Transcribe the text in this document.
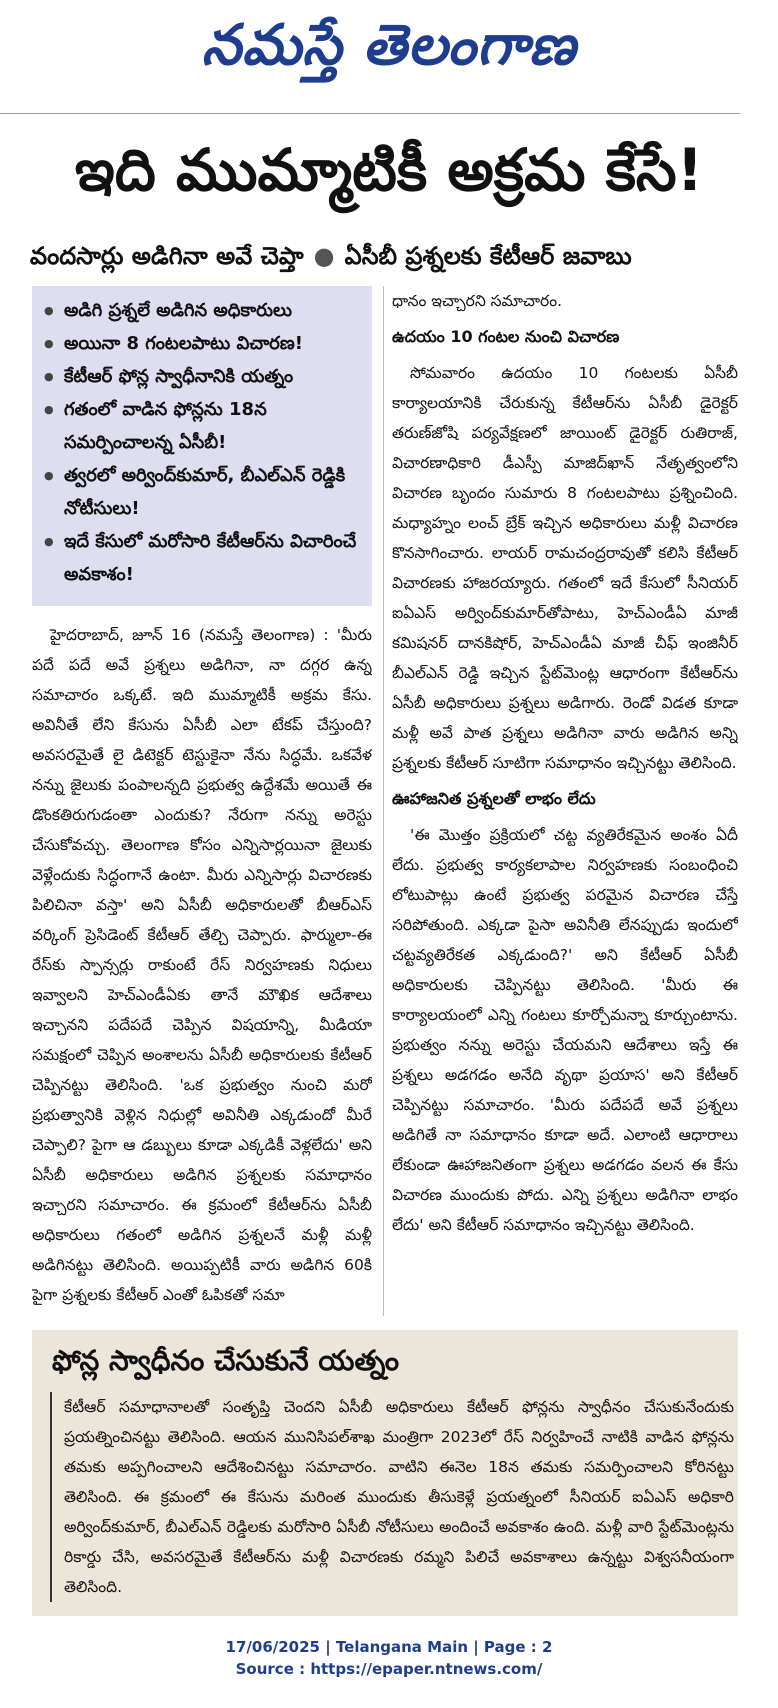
నమస్తే తెలంగాణ
ఇది ముమ్మాటికీ అక్రమ కేసే!
వందసార్లు అడిగినా అవే చెప్తా ● ఏసీబీ ప్రశ్నలకు కేటీఆర్ జవాబు
● అడిగి ప్రశ్నలే అడిగిన అధికారులు
● అయినా 8 గంటలపాటు విచారణ!
● కేటీఆర్ ఫోన్ల స్వాధీనానికి యత్నం
● గతంలో వాడిన ఫోన్లను 18న సమర్పించాలన్న ఏసీబీ!
● త్వరలో అర్వింద్‌కుమార్, బీఎల్ఎన్ రెడ్డికి నోటీసులు!
● ఇదే కేసులో మరోసారి కేటీఆర్‌ను విచారించే అవకాశం!

హైదరాబాద్, జూన్ 16 (నమస్తే తెలంగాణ) : 'మీరు పదే పదే అవే ప్రశ్నలు అడిగినా, నా దగ్గర ఉన్న సమాచారం ఒక్కటే. ఇది ముమ్మాటికీ అక్రమ కేసు. అవినీతే లేని కేసును ఏసీబీ ఎలా టేకప్ చేస్తుంది? అవసరమైతే లై డిటెక్టర్ టెస్టుకైనా నేను సిద్ధమే. ఒకవేళ నన్ను జైలుకు పంపాలన్నది ప్రభుత్వ ఉద్దేశమే అయితే ఈ డొంకతిరుగుడంతా ఎందుకు? నేరుగా నన్ను అరెస్టు చేసుకోవచ్చు. తెలంగాణ కోసం ఎన్నిసార్లయినా జైలుకు వెళ్లేందుకు సిద్ధంగానే ఉంటా. మీరు ఎన్నిసార్లు విచారణకు పిలిచినా వస్తా' అని ఏసీబీ అధికారులతో బీఆర్ఎస్ వర్కింగ్ ప్రెసిడెంట్ కేటీఆర్ తేల్చి చెప్పారు. ఫార్ములా-ఈ రేస్‌కు స్పాన్సర్లు రాకుంటే రేస్ నిర్వహణకు నిధులు ఇవ్వాలని హెచ్ఎండీఏకు తానే మౌఖిక ఆదేశాలు ఇచ్చానని పదేపదే చెప్పిన విషయాన్ని, మీడియా సమక్షంలో చెప్పిన అంశాలను ఏసీబీ అధికారులకు కేటీఆర్ చెప్పినట్టు తెలిసింది. 'ఒక ప్రభుత్వం నుంచి మరో ప్రభుత్వానికి వెళ్లిన నిధుల్లో అవినీతి ఎక్కడుందో మీరే చెప్పాలి? పైగా ఆ డబ్బులు కూడా ఎక్కడికీ వెళ్లలేదు' అని ఏసీబీ అధికారులు అడిగిన ప్రశ్నలకు సమాధానం ఇచ్చారని సమాచారం. ఈ క్రమంలో కేటీఆర్‌ను ఏసీబీ అధికారులు గతంలో అడిగిన ప్రశ్నలనే మళ్లీ మళ్లీ అడిగినట్టు తెలిసింది. అయిప్పటికీ వారు అడిగిన 60కి పైగా ప్రశ్నలకు కేటీఆర్ ఎంతో ఓపికతో సమా

ధానం ఇచ్చారని సమాచారం.

ఉదయం 10 గంటల నుంచి విచారణ

సోమవారం ఉదయం 10 గంటలకు ఏసీబీ కార్యాలయానికి చేరుకున్న కేటీఆర్‌ను ఏసీబీ డైరెక్టర్ తరుణ్‌జోషి పర్యవేక్షణలో జాయింట్ డైరెక్టర్ రుతిరాజ్, విచారణాధికారి డీఎస్పీ మాజిద్‌ఖాన్ నేతృత్వంలోని విచారణ బృందం సుమారు 8 గంటలపాటు ప్రశ్నించింది. మధ్యాహ్నం లంచ్ బ్రేక్ ఇచ్చిన అధికారులు మళ్లీ విచారణ కొనసాగించారు. లాయర్ రామచంద్రరావుతో కలిసి కేటీఆర్ విచారణకు హాజరయ్యారు. గతంలో ఇదే కేసులో సీనియర్ ఐఏఎస్ అర్వింద్‌కుమార్‌తోపాటు, హెచ్ఎండీఏ మాజీ కమిషనర్ దానకిషోర్, హెచ్ఎండీఏ మాజీ చీఫ్ ఇంజినీర్ బీఎల్ఎన్ రెడ్డి ఇచ్చిన స్టేట్‌మెంట్ల ఆధారంగా కేటీఆర్‌ను ఏసీబీ అధికారులు ప్రశ్నలు అడిగారు. రెండో విడత కూడా మళ్లీ అవే పాత ప్రశ్నలు అడిగినా వారు అడిగిన అన్ని ప్రశ్నలకు కేటీఆర్ సూటిగా సమాధానం ఇచ్చినట్టు తెలిసింది.

ఊహాజనిత ప్రశ్నలతో లాభం లేదు

'ఈ మొత్తం ప్రక్రియలో చట్ట వ్యతిరేకమైన అంశం ఏదీ లేదు. ప్రభుత్వ కార్యకలాపాల నిర్వహణకు సంబంధించి లోటుపాట్లు ఉంటే ప్రభుత్వ పరమైన విచారణ చేస్తే సరిపోతుంది. ఎక్కడా పైసా అవినీతి లేనప్పుడు ఇందులో చట్టవ్యతిరేకత ఎక్కడుంది?' అని కేటీఆర్ ఏసీబీ అధికారులకు చెప్పినట్టు తెలిసింది. 'మీరు ఈ కార్యాలయంలో ఎన్ని గంటలు కూర్చోమన్నా కూర్చుంటాను. ప్రభుత్వం నన్ను అరెస్టు చేయమని ఆదేశాలు ఇస్తే ఈ ప్రశ్నలు అడగడం అనేది వృథా ప్రయాస' అని కేటీఆర్ చెప్పినట్టు సమాచారం. 'మీరు పదేపదే అవే ప్రశ్నలు అడిగితే నా సమాధానం కూడా అదే. ఎలాంటి ఆధారాలు లేకుండా ఊహాజనితంగా ప్రశ్నలు అడగడం వలన ఈ కేసు విచారణ ముందుకు పోదు. ఎన్ని ప్రశ్నలు అడిగినా లాభం లేదు' అని కేటీఆర్ సమాధానం ఇచ్చినట్టు తెలిసింది.

ఫోన్ల స్వాధీనం చేసుకునే యత్నం

కేటీఆర్ సమాధానాలతో సంతృప్తి చెందని ఏసీబీ అధికారులు కేటీఆర్ ఫోన్లను స్వాధీనం చేసుకునేందుకు ప్రయత్నించినట్టు తెలిసింది. ఆయన మునిసిపల్‌శాఖ మంత్రిగా 2023లో రేస్ నిర్వహించే నాటికి వాడిన ఫోన్లను తమకు అప్పగించాలని ఆదేశించినట్టు సమాచారం. వాటిని ఈనెల 18న తమకు సమర్పించాలని కోరినట్టు తెలిసింది. ఈ క్రమంలో ఈ కేసును మరింత ముందుకు తీసుకెళ్లే ప్రయత్నంలో సీనియర్ ఐఏఎస్ అధికారి అర్వింద్‌కుమార్, బీఎల్ఎన్ రెడ్డిలకు మరోసారి ఏసీబీ నోటీసులు అందించే అవకాశం ఉంది. మళ్లీ వారి స్టేట్‌మెంట్లను రికార్డు చేసి, అవసరమైతే కేటీఆర్‌ను మళ్లీ విచారణకు రమ్మని పిలిచే అవకాశాలు ఉన్నట్టు విశ్వసనీయంగా తెలిసింది.

17/06/2025 | Telangana Main | Page : 2
Source : https://epaper.ntnews.com/
